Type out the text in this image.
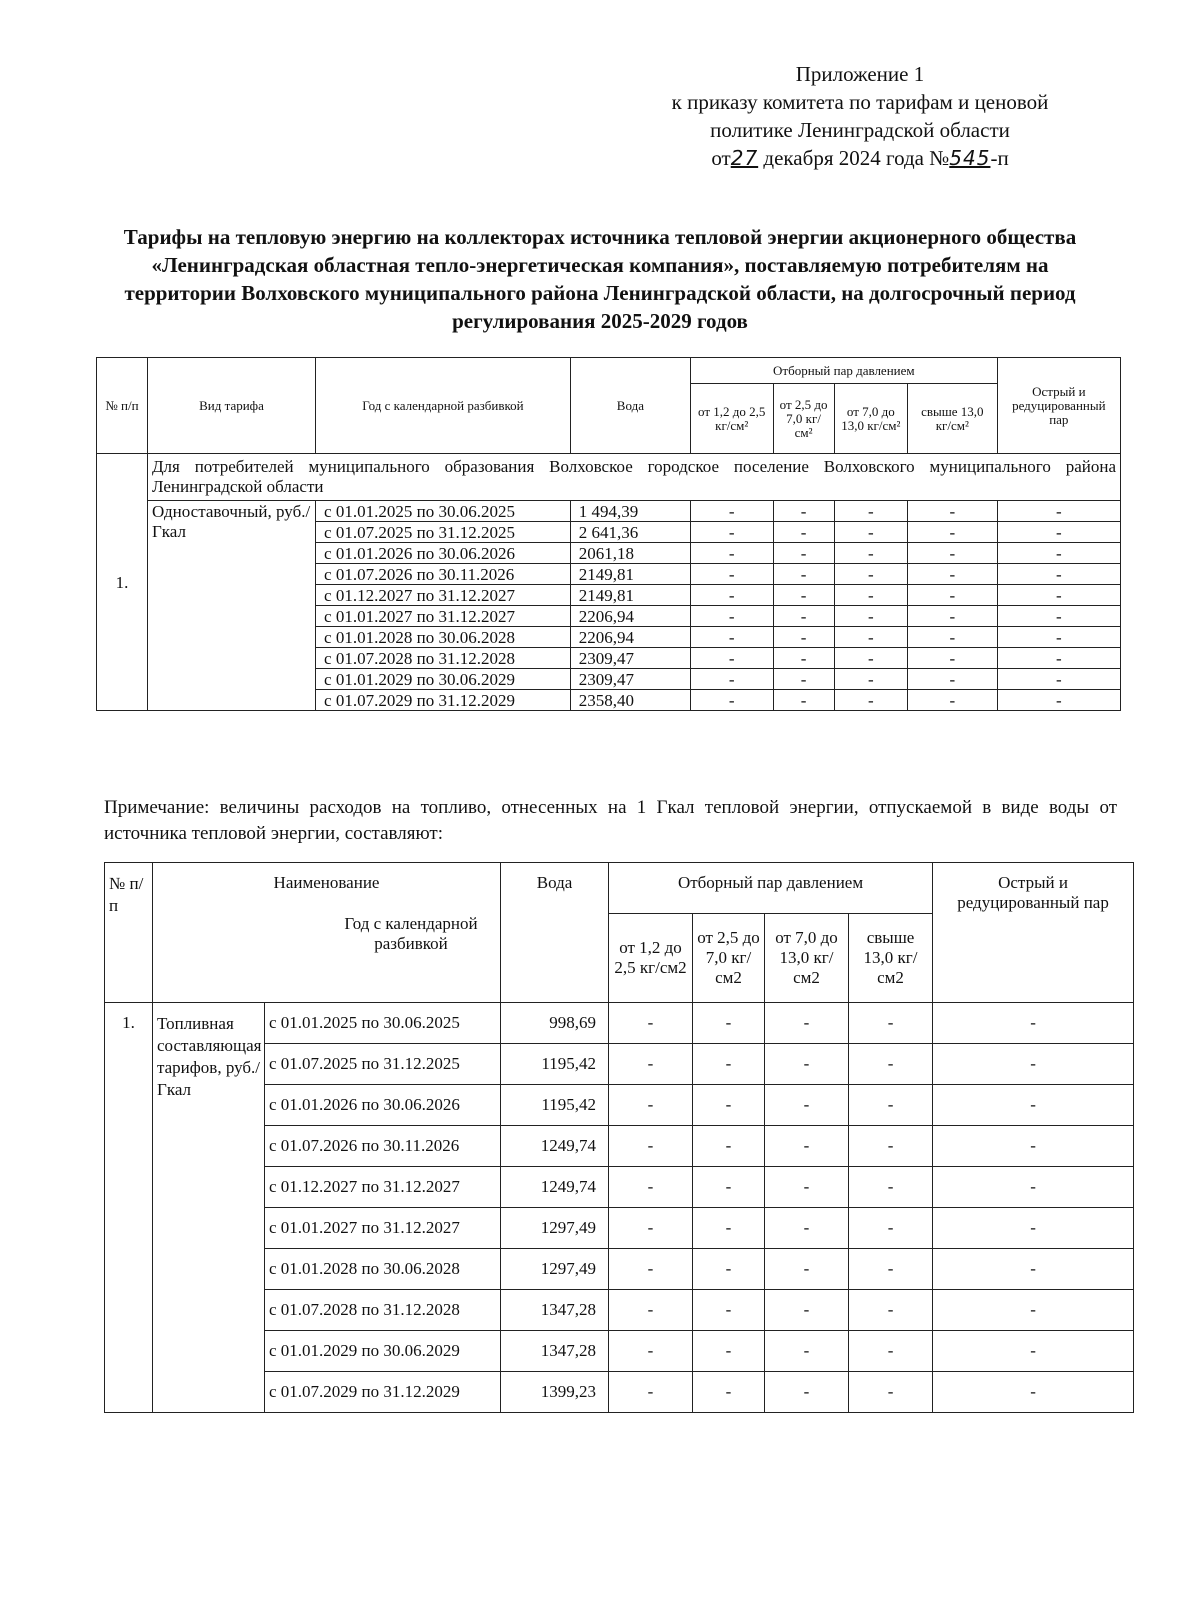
Приложение 1
к приказу комитета по тарифам и ценовой
политике Ленинградской области
от27 декабря 2024 года №545-п
Тарифы на тепловую энергию на коллекторах источника тепловой энергии акционерного общества «Ленинградская областная тепло-энергетическая компания», поставляемую потребителям на территории Волховского муниципального района Ленинградской области, на долгосрочный период регулирования 2025-2029 годов
№ п/п	Вид тарифа	Год с календарной разбивкой	Вода	Отборный пар давлением				Острый и редуцированный пар
				от 1,2 до 2,5 кг/см²	от 2,5 до 7,0 кг/см²	от 7,0 до 13,0 кг/см²	свыше 13,0 кг/см²	
1.	Для потребителей муниципального образования Волховское городское поселение Волховского муниципального района Ленинградской области							
	Одноставочный, руб./Гкал	с 01.01.2025 по 30.06.2025	1 494,39	-	-	-	-	-
		с 01.07.2025 по 31.12.2025	2 641,36	-	-	-	-	-
		с 01.01.2026 по 30.06.2026	2061,18	-	-	-	-	-
		с 01.07.2026 по 30.11.2026	2149,81	-	-	-	-	-
		с 01.12.2027 по 31.12.2027	2149,81	-	-	-	-	-
		с 01.01.2027 по 31.12.2027	2206,94	-	-	-	-	-
		с 01.01.2028 по 30.06.2028	2206,94	-	-	-	-	-
		с 01.07.2028 по 31.12.2028	2309,47	-	-	-	-	-
		с 01.01.2029 по 30.06.2029	2309,47	-	-	-	-	-
		с 01.07.2029 по 31.12.2029	2358,40	-	-	-	-	-
Примечание: величины расходов на топливо, отнесенных на 1 Гкал тепловой энергии, отпускаемой в виде воды от источника тепловой энергии, составляют:
№ п/п	Наименование		Вода	Отборный пар давлением				Острый и редуцированный пар
	Год с календарной разбивкой			от 1,2 до 2,5 кг/см2	от 2,5 до 7,0 кг/см2	от 7,0 до 13,0 кг/см2	свыше 13,0 кг/см2	
1.	Топливная составляющая тарифов, руб./Гкал	с 01.01.2025 по 30.06.2025	998,69	-	-	-	-	-
		с 01.07.2025 по 31.12.2025	1195,42	-	-	-	-	-
		с 01.01.2026 по 30.06.2026	1195,42	-	-	-	-	-
		с 01.07.2026 по 30.11.2026	1249,74	-	-	-	-	-
		с 01.12.2027 по 31.12.2027	1249,74	-	-	-	-	-
		с 01.01.2027 по 31.12.2027	1297,49	-	-	-	-	-
		с 01.01.2028 по 30.06.2028	1297,49	-	-	-	-	-
		с 01.07.2028 по 31.12.2028	1347,28	-	-	-	-	-
		с 01.01.2029 по 30.06.2029	1347,28	-	-	-	-	-
		с 01.07.2029 по 31.12.2029	1399,23	-	-	-	-	-
